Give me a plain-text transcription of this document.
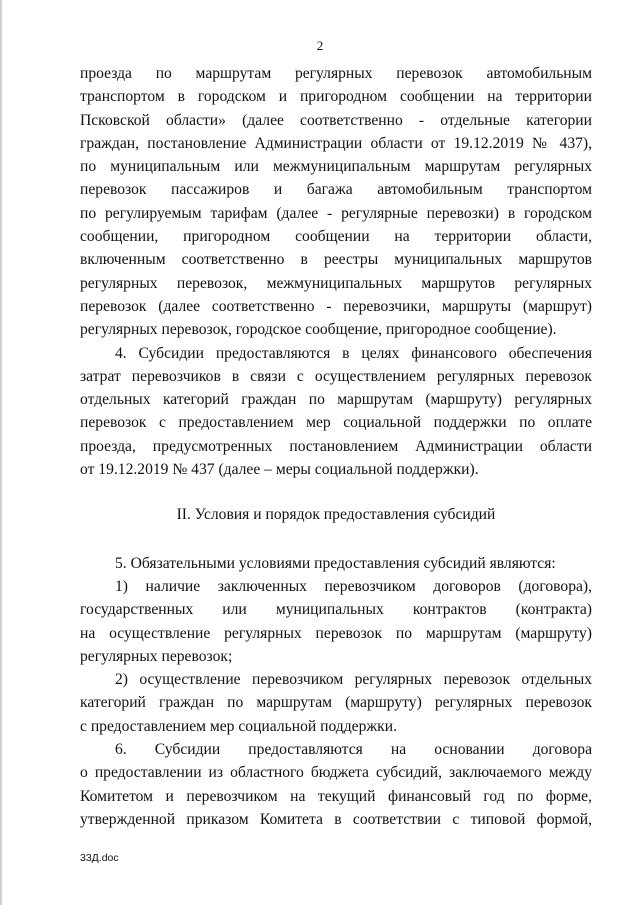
2
проезда по маршрутам регулярных перевозок автомобильным
транспортом в городском и пригородном сообщении на территории
Псковской области» (далее соответственно - отдельные категории
граждан, постановление Администрации области от 19.12.2019 № 437),
по муниципальным или межмуниципальным маршрутам регулярных
перевозок пассажиров и багажа автомобильным транспортом
по регулируемым тарифам (далее - регулярные перевозки) в городском
сообщении, пригородном сообщении на территории области,
включенным соответственно в реестры муниципальных маршрутов
регулярных перевозок, межмуниципальных маршрутов регулярных
перевозок (далее соответственно - перевозчики, маршруты (маршрут)
регулярных перевозок, городское сообщение, пригородное сообщение).
4. Субсидии предоставляются в целях финансового обеспечения
затрат перевозчиков в связи с осуществлением регулярных перевозок
отдельных категорий граждан по маршрутам (маршруту) регулярных
перевозок с предоставлением мер социальной поддержки по оплате
проезда, предусмотренных постановлением Администрации области
от 19.12.2019 № 437 (далее – меры социальной поддержки).
II. Условия и порядок предоставления субсидий
5. Обязательными условиями предоставления субсидий являются:
1) наличие заключенных перевозчиком договоров (договора),
государственных или муниципальных контрактов (контракта)
на осуществление регулярных перевозок по маршрутам (маршруту)
регулярных перевозок;
2) осуществление перевозчиком регулярных перевозок отдельных
категорий граждан по маршрутам (маршруту) регулярных перевозок
с предоставлением мер социальной поддержки.
6. Субсидии предоставляются на основании договора
о предоставлении из областного бюджета субсидий, заключаемого между
Комитетом и перевозчиком на текущий финансовый год по форме,
утвержденной приказом Комитета в соответствии с типовой формой,
33Д.doc
